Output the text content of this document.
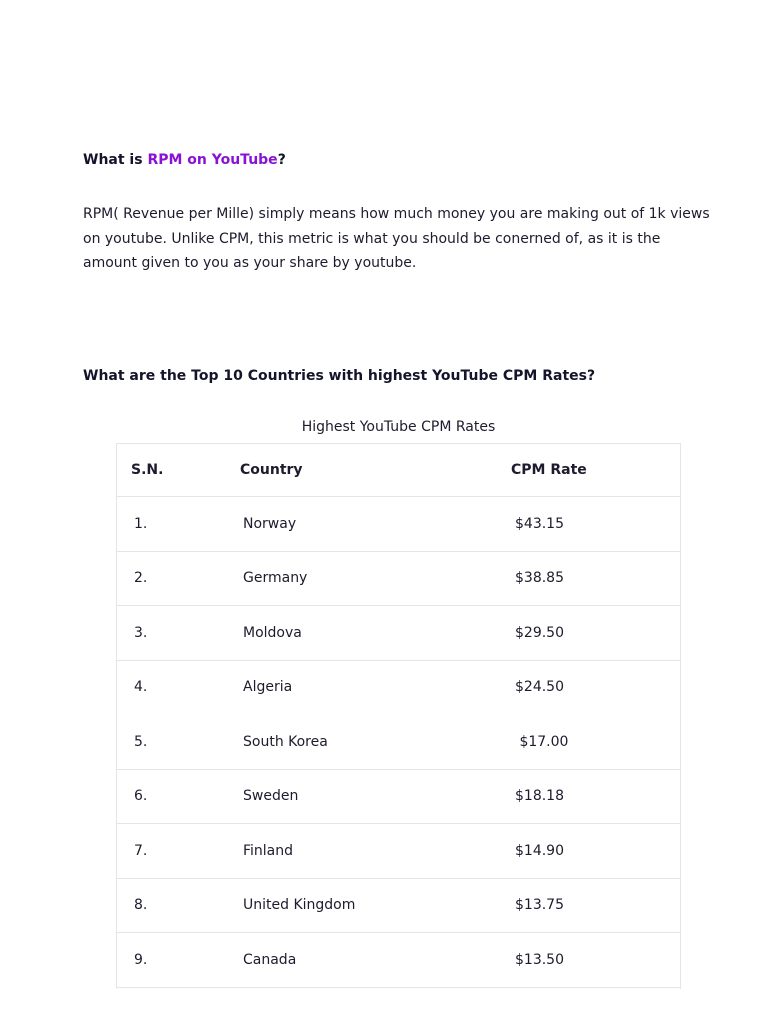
What is RPM on YouTube?

RPM( Revenue per Mille) simply means how much money you are making out of 1k views on youtube. Unlike CPM, this metric is what you should be conerned of, as it is the amount given to you as your share by youtube.

What are the Top 10 Countries with highest YouTube CPM Rates?
Highest YouTube CPM Rates
S.N.	Country	CPM Rate
1.	Norway	$43.15
2.	Germany	$38.85
3.	Moldova	$29.50
4.	Algeria	$24.50
5.	South Korea	$17.00
6.	Sweden	$18.18
7.	Finland	$14.90
8.	United Kingdom	$13.75
9.	Canada	$13.50
